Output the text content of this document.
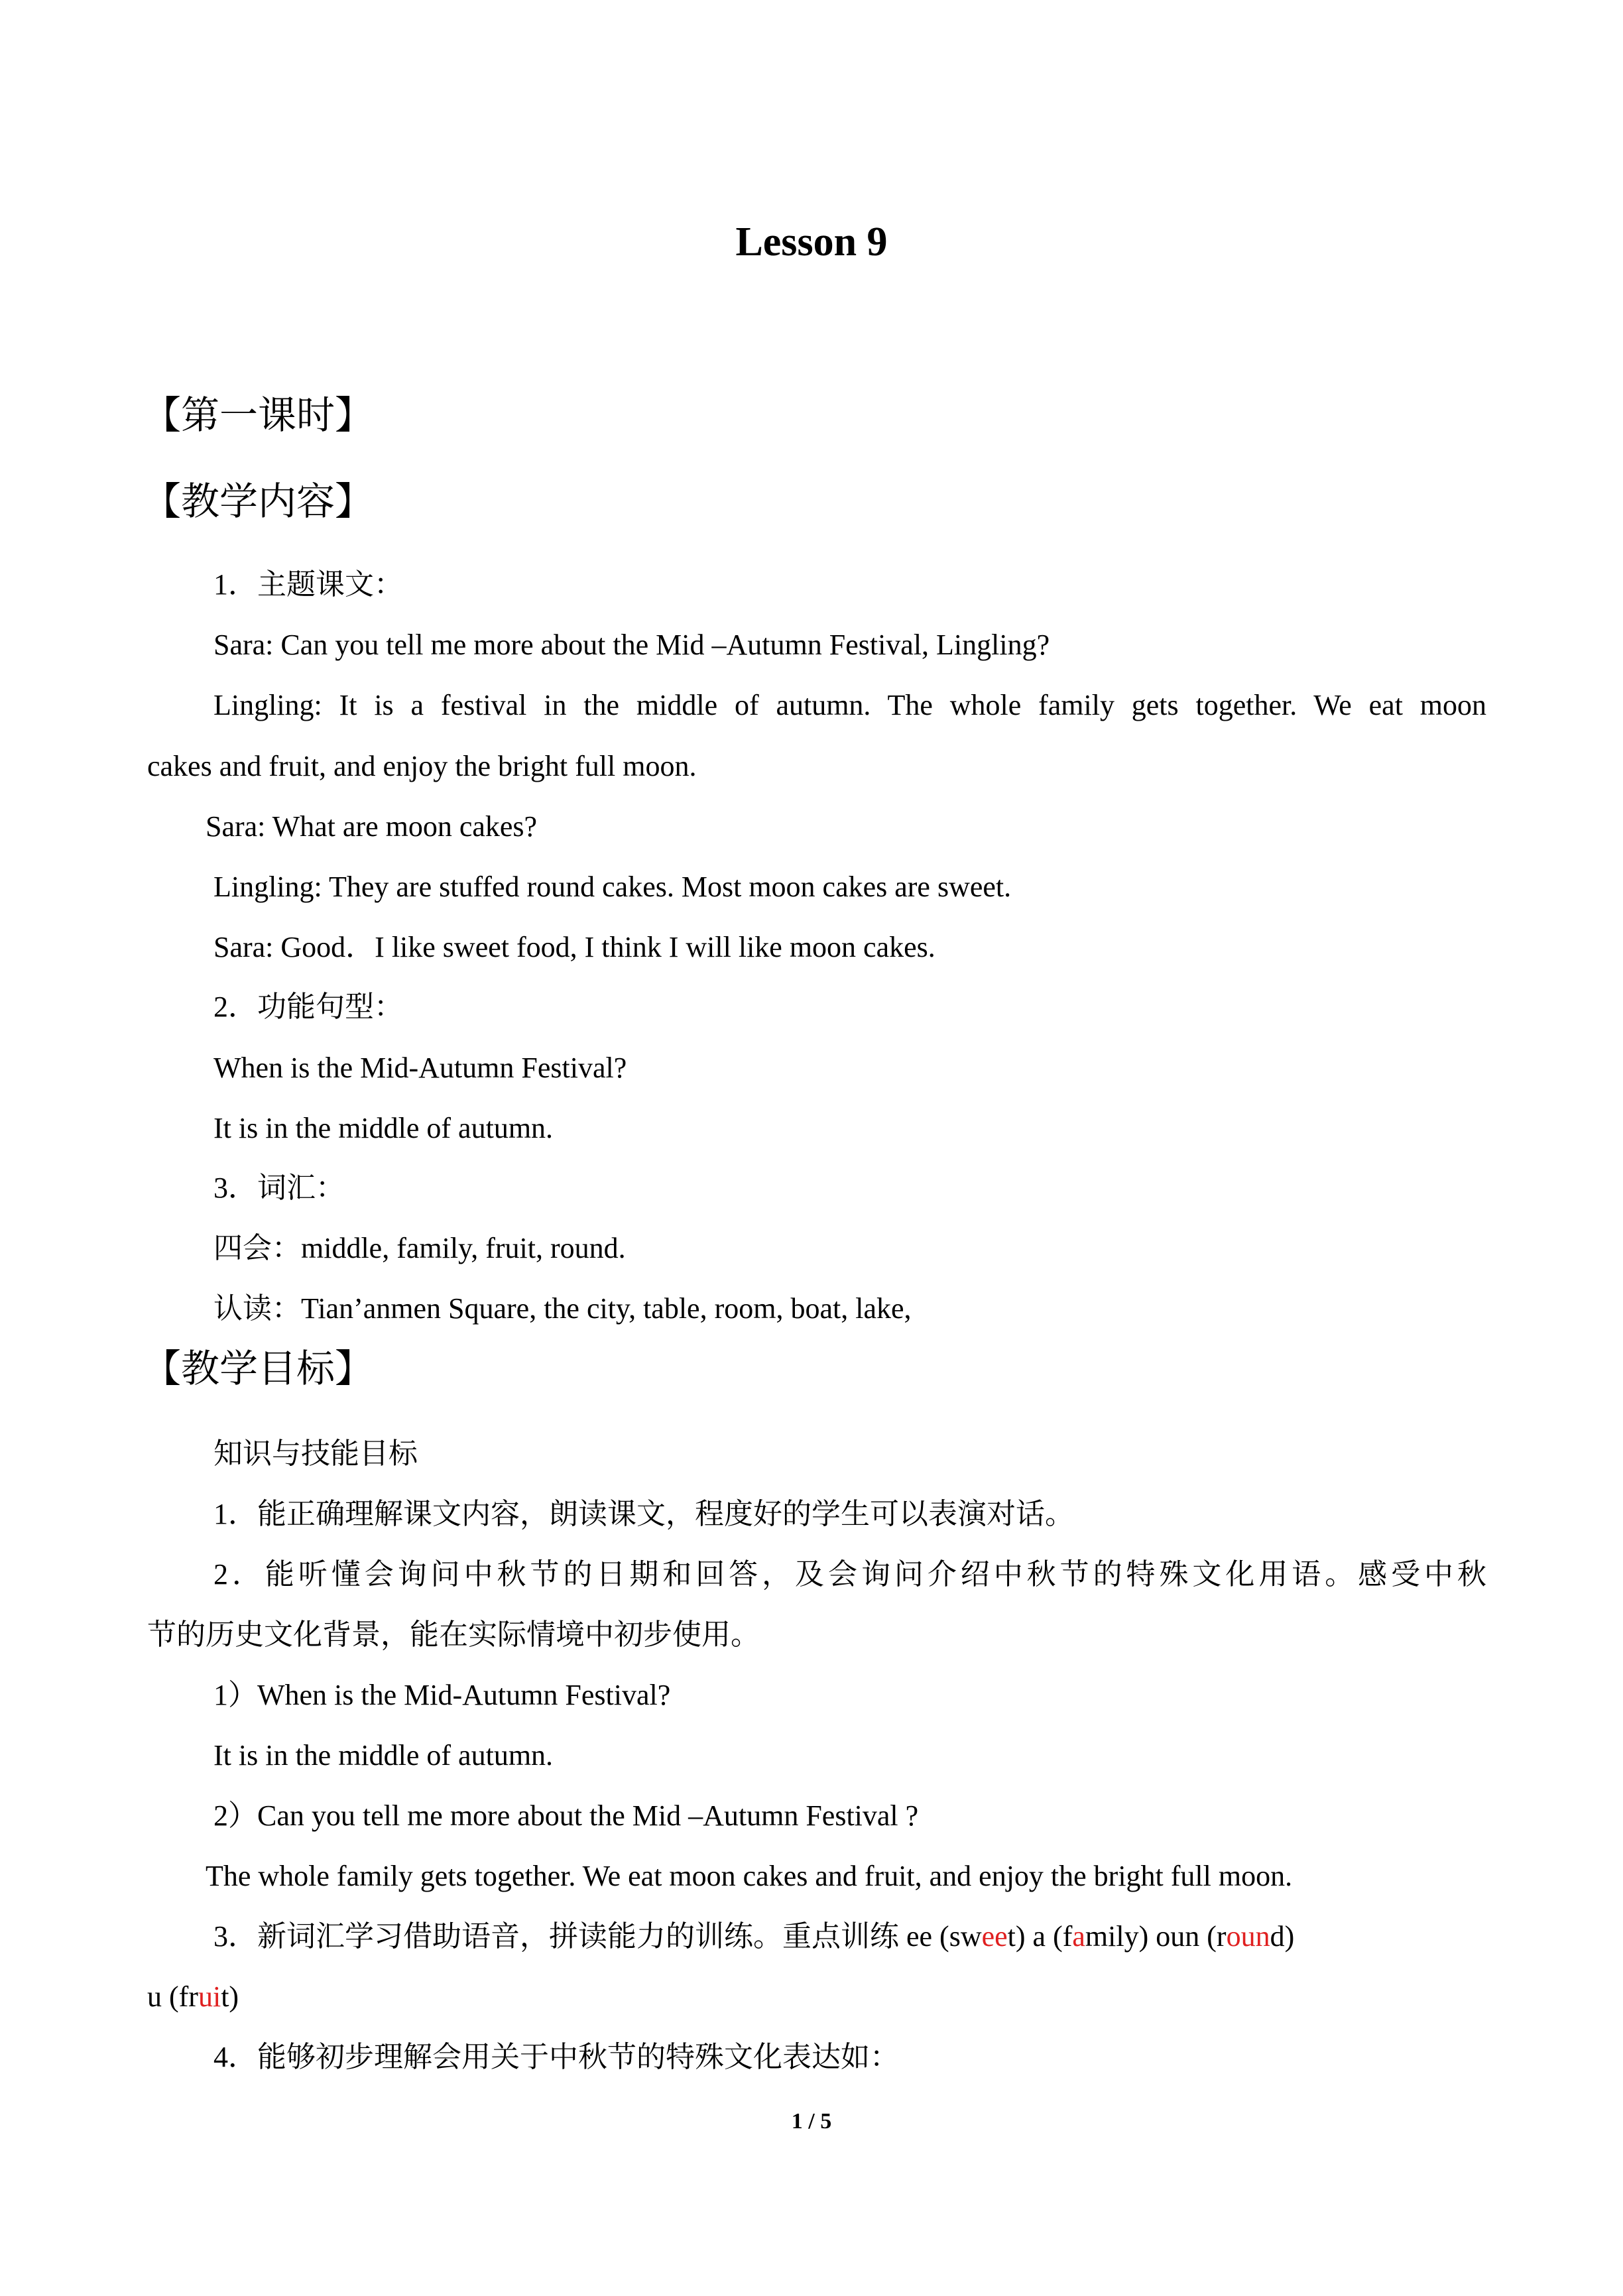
Lesson 9
【第一课时】
【教学内容】
1．主题课文：
Sara: Can you tell me more about the Mid –Autumn Festival, Lingling?
Lingling: It is a festival in the middle of autumn. The whole family gets together. We eat moon
cakes and fruit, and enjoy the bright full moon.
Sara: What are moon cakes?
Lingling: They are stuffed round cakes. Most moon cakes are sweet.
Sara: Good．I like sweet food, I think I will like moon cakes.
2．功能句型：
When is the Mid-Autumn Festival?
It is in the middle of autumn.
3．词汇：
四会：middle, family, fruit, round.
认读：Tian’anmen Square, the city, table, room, boat, lake,
【教学目标】
知识与技能目标
1．能正确理解课文内容，朗读课文，程度好的学生可以表演对话。
2．能听懂会询问中秋节的日期和回答，及会询问介绍中秋节的特殊文化用语。感受中秋
节的历史文化背景，能在实际情境中初步使用。
1）When is the Mid-Autumn Festival?
It is in the middle of autumn.
2）Can you tell me more about the Mid –Autumn Festival ?
The whole family gets together. We eat moon cakes and fruit, and enjoy the bright full moon.
3．新词汇学习借助语音，拼读能力的训练。重点训练 ee (sweet) a (family) oun (round)
u (fruit)
4．能够初步理解会用关于中秋节的特殊文化表达如：
1 / 5
